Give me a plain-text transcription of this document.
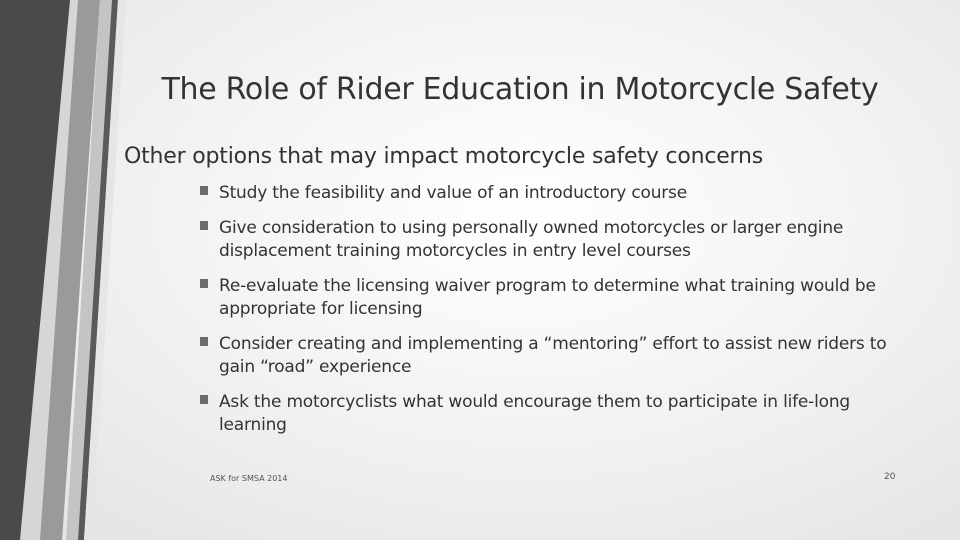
The Role of Rider Education in Motorcycle Safety
Other options that may impact motorcycle safety concerns
Study the feasibility and value of an introductory course
Give consideration to using personally owned motorcycles or larger engine displacement training motorcycles in entry level courses
Re-evaluate the licensing waiver program to determine what training would be appropriate for licensing
Consider creating and implementing a “mentoring” effort to assist new riders to gain “road” experience
Ask the motorcyclists what would encourage them to participate in life-long learning
ASK for SMSA 2014	20
